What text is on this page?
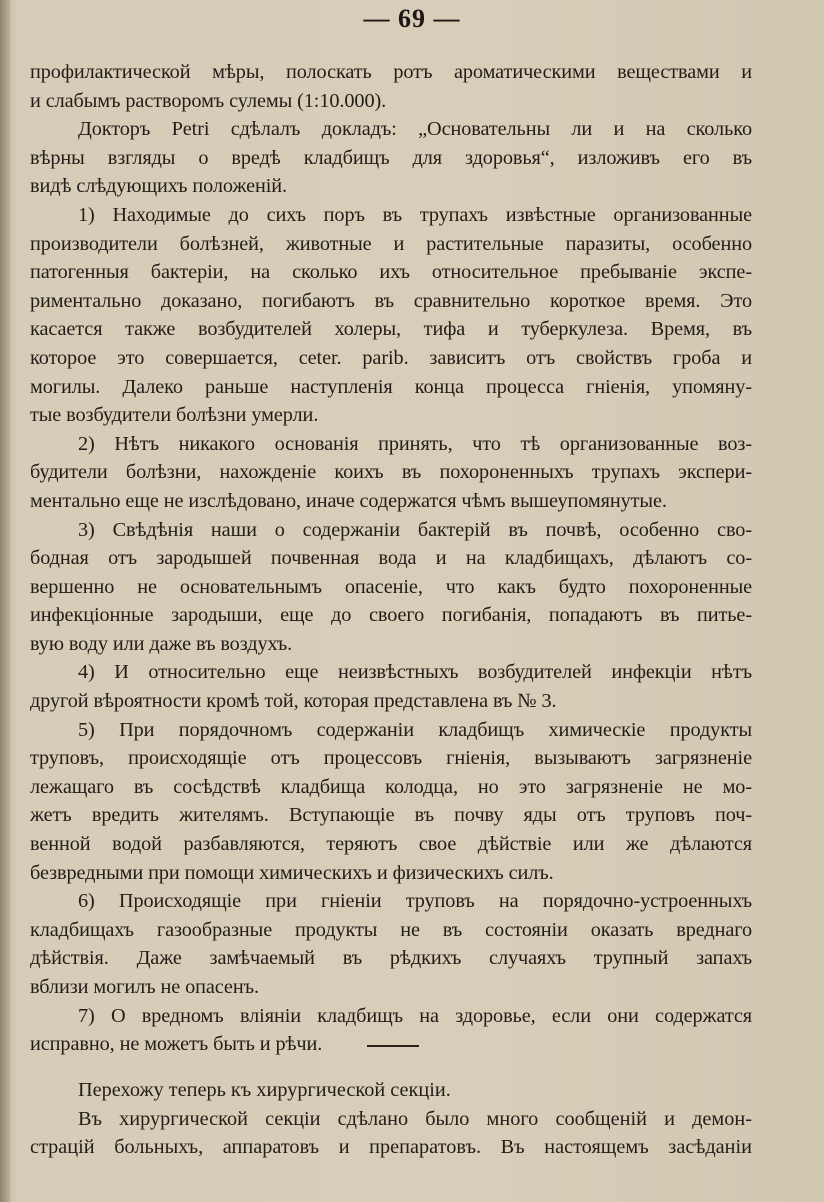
— 69 —
профилактической мѣры, полоскать ротъ ароматическими веществами и
и слабымъ растворомъ сулемы (1:10.000).
Докторъ Petri сдѣлалъ докладъ: „Основательны ли и на сколько
вѣрны взгляды о вредѣ кладбищъ для здоровья“, изложивъ его въ
видѣ слѣдующихъ положеній.
1) Находимые до сихъ поръ въ трупахъ извѣстные организованные
производители болѣзней, животные и растительные паразиты, особенно
патогенныя бактеріи, на сколько ихъ относительное пребываніе экспе-
риментально доказано, погибаютъ въ сравнительно короткое время. Это
касается также возбудителей холеры, тифа и туберкулеза. Время, въ
которое это совершается, ceter. parib. зависитъ отъ свойствъ гроба и
могилы. Далеко раньше наступленія конца процесса гніенія, упомяну-
тые возбудители болѣзни умерли.
2) Нѣтъ никакого основанія принять, что тѣ организованные воз-
будители болѣзни, нахожденіе коихъ въ похороненныхъ трупахъ экспери-
ментально еще не изслѣдовано, иначе содержатся чѣмъ вышеупомянутые.
3) Свѣдѣнія наши о содержаніи бактерій въ почвѣ, особенно сво-
бодная отъ зародышей почвенная вода и на кладбищахъ, дѣлаютъ со-
вершенно не основательнымъ опасеніе, что какъ будто похороненные
инфекціонные зародыши, еще до своего погибанія, попадаютъ въ питье-
вую воду или даже въ воздухъ.
4) И относительно еще неизвѣстныхъ возбудителей инфекціи нѣтъ
другой вѣроятности кромѣ той, которая представлена въ № 3.
5) При порядочномъ содержаніи кладбищъ химическіе продукты
труповъ, происходящіе отъ процессовъ гніенія, вызываютъ загрязненіе
лежащаго въ сосѣдствѣ кладбища колодца, но это загрязненіе не мо-
жетъ вредить жителямъ. Вступающіе въ почву яды отъ труповъ поч-
венной водой разбавляются, теряютъ свое дѣйствіе или же дѣлаются
безвредными при помощи химическихъ и физическихъ силъ.
6) Происходящіе при гніеніи труповъ на порядочно-устроенныхъ
кладбищахъ газообразные продукты не въ состояніи оказать вреднаго
дѣйствія. Даже замѣчаемый въ рѣдкихъ случаяхъ трупный запахъ
вблизи могилъ не опасенъ.
7) О вредномъ вліяніи кладбищъ на здоровье, если они содержатся
исправно, не можетъ быть и рѣчи.
Перехожу теперь къ хирургической секціи.
Въ хирургической секціи сдѣлано было много сообщеній и демон-
страцій больныхъ, аппаратовъ и препаратовъ. Въ настоящемъ засѣданіи
